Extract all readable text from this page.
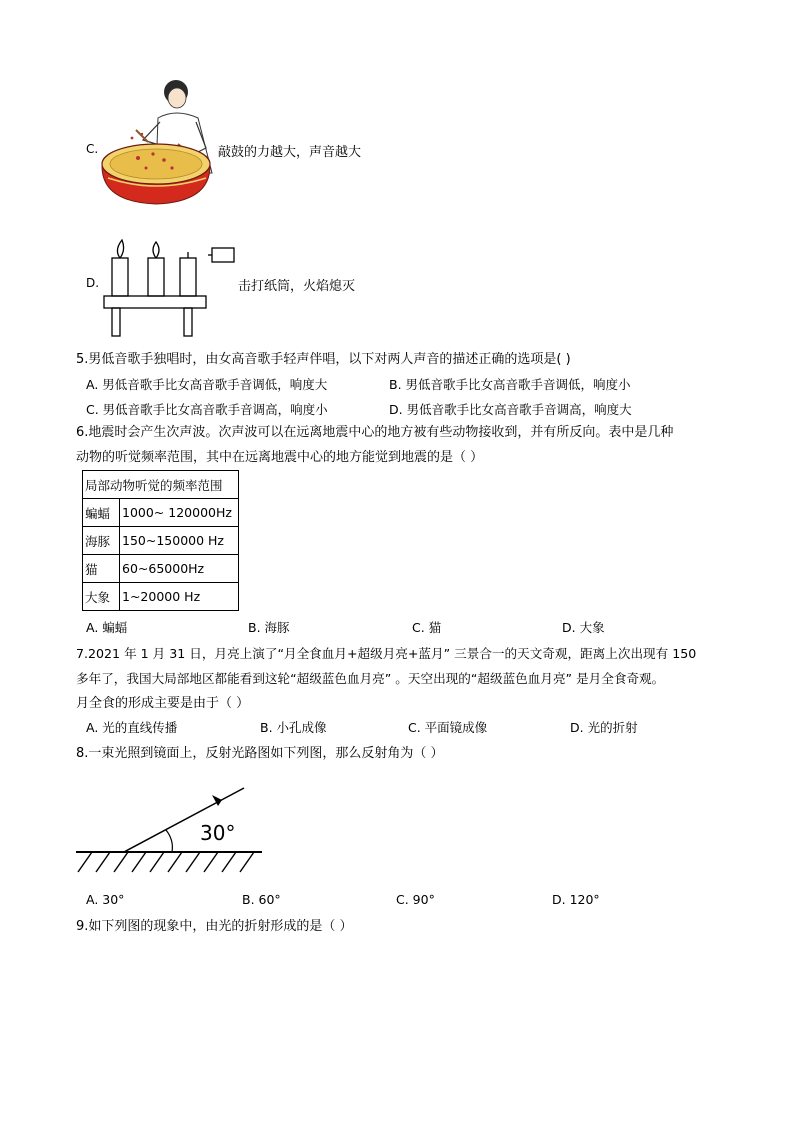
C.	敲鼓的力越大，声音越大
D.	击打纸筒，火焰熄灭
5.男低音歌手独唱时，由女高音歌手轻声伴唱，以下对两人声音的描述正确的选项是( )
A. 男低音歌手比女高音歌手音调低，响度大	B. 男低音歌手比女高音歌手音调低，响度小
C. 男低音歌手比女高音歌手音调高，响度小	D. 男低音歌手比女高音歌手音调高，响度大
6.地震时会产生次声波。次声波可以在远离地震中心的地方被有些动物接收到，并有所反向。表中是几种
动物的听觉频率范围，其中在远离地震中心的地方能觉到地震的是（ ）
局部动物听觉的频率范围	
蝙蝠	1000~ 120000Hz
海豚	150~150000 Hz
猫	60~65000Hz
大象	1~20000 Hz
A. 蝙蝠	B. 海豚	C. 猫	D. 大象
7.2021 年 1 月 31 日，月亮上演了“月全食血月+超级月亮+蓝月” 三景合一的天文奇观，距离上次出现有 150
多年了，我国大局部地区都能看到这轮“超级蓝色血月亮” 。天空出现的“超级蓝色血月亮” 是月全食奇观。
月全食的形成主要是由于（ ）
A. 光的直线传播	B. 小孔成像	C. 平面镜成像	D. 光的折射
8.一束光照到镜面上，反射光路图如下列图，那么反射角为（ ）
30°
A. 30°	B. 60°	C. 90°	D. 120°
9.如下列图的现象中，由光的折射形成的是（ ）
